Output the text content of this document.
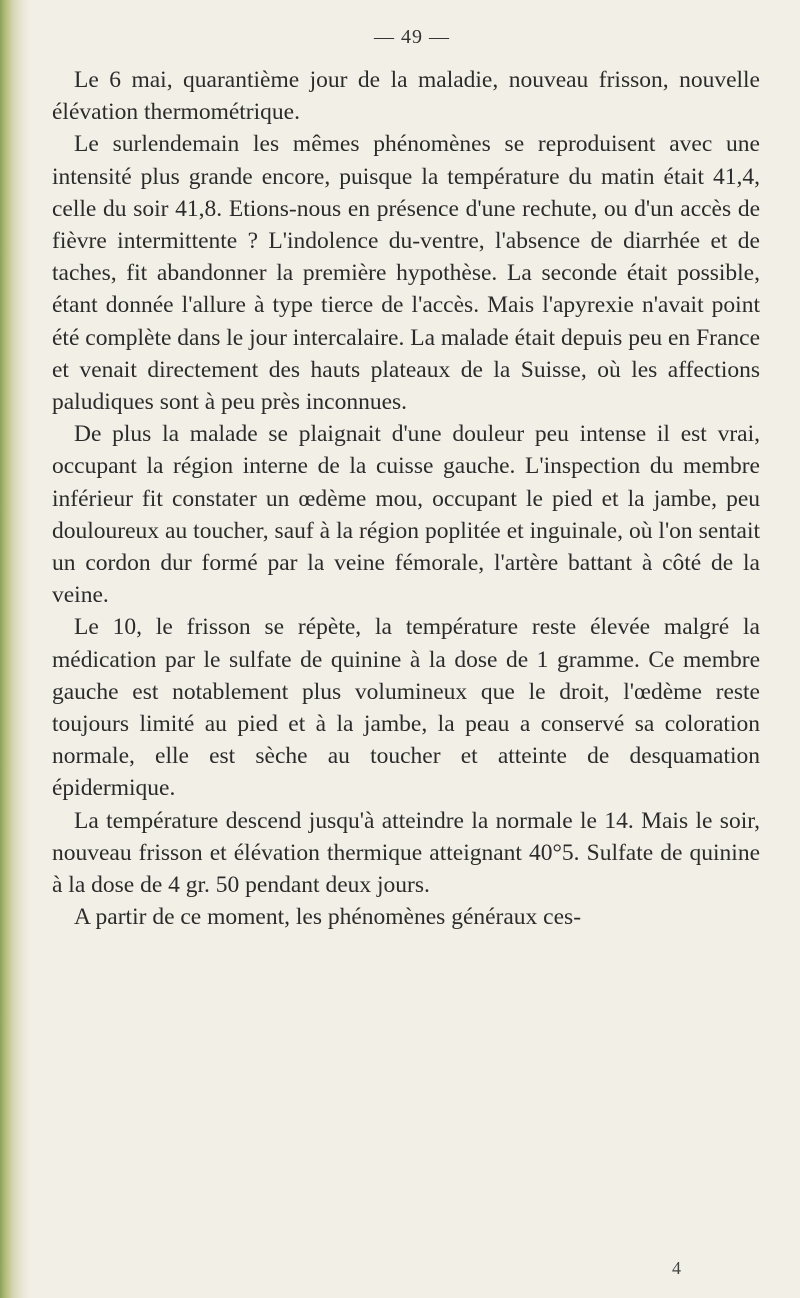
— 49 —

Le 6 mai, quarantième jour de la maladie, nouveau frisson, nouvelle élévation thermométrique.

Le surlendemain les mêmes phénomènes se reproduisent avec une intensité plus grande encore, puisque la température du matin était 41,4, celle du soir 41,8. Etions-nous en présence d'une rechute, ou d'un accès de fièvre intermittente ? L'indolence du-ventre, l'absence de diarrhée et de taches, fit abandonner la première hypothèse. La seconde était possible, étant donnée l'allure à type tierce de l'accès. Mais l'apyrexie n'avait point été complète dans le jour intercalaire. La malade était depuis peu en France et venait directement des hauts plateaux de la Suisse, où les affections paludiques sont à peu près inconnues.

De plus la malade se plaignait d'une douleur peu intense il est vrai, occupant la région interne de la cuisse gauche. L'inspection du membre inférieur fit constater un œdème mou, occupant le pied et la jambe, peu douloureux au toucher, sauf à la région poplitée et inguinale, où l'on sentait un cordon dur formé par la veine fémorale, l'artère battant à côté de la veine.

Le 10, le frisson se répète, la température reste élevée malgré la médication par le sulfate de quinine à la dose de 1 gramme. Ce membre gauche est notablement plus volumineux que le droit, l'œdème reste toujours limité au pied et à la jambe, la peau a conservé sa coloration normale, elle est sèche au toucher et atteinte de desquamation épidermique.

La température descend jusqu'à atteindre la normale le 14. Mais le soir, nouveau frisson et élévation thermique atteignant 40°5. Sulfate de quinine à la dose de 4 gr. 50 pendant deux jours.

A partir de ce moment, les phénomènes généraux ces-

4
